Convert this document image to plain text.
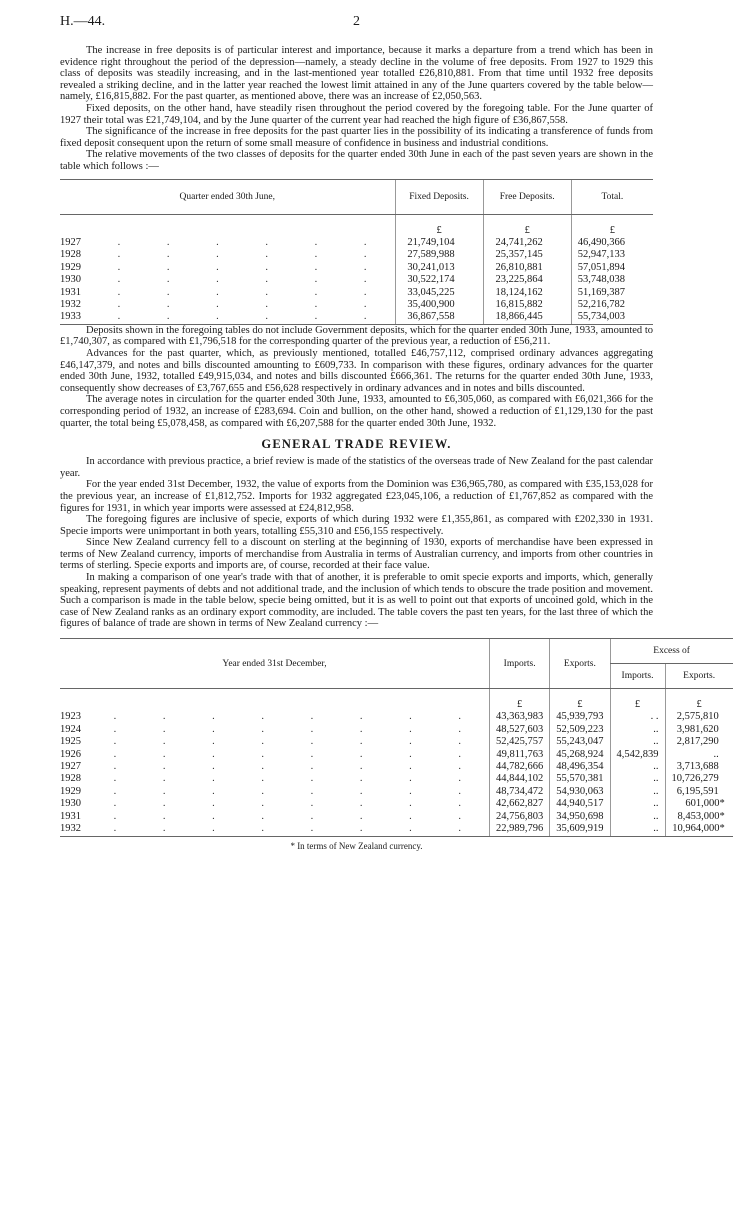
H.—44.	2

The increase in free deposits is of particular interest and importance, because it marks a departure from a trend which has been in evidence right throughout the period of the depression—namely, a steady decline in the volume of free deposits. From 1927 to 1929 this class of deposits was steadily increasing, and in the last-mentioned year totalled £26,810,881. From that time until 1932 free deposits revealed a striking decline, and in the latter year reached the lowest limit attained in any of the June quarters covered by the table below—namely, £16,815,882. For the past quarter, as mentioned above, there was an increase of £2,050,563.

Fixed deposits, on the other hand, have steadily risen throughout the period covered by the foregoing table. For the June quarter of 1927 their total was £21,749,104, and by the June quarter of the current year had reached the high figure of £36,867,558.

The significance of the increase in free deposits for the past quarter lies in the possibility of its indicating a transference of funds from fixed deposit consequent upon the return of some small measure of confidence in business and industrial conditions.

The relative movements of the two classes of deposits for the quarter ended 30th June in each of the past seven years are shown in the table which follows :—

Quarter ended 30th June,	Fixed Deposits.	Free Deposits.	Total.
	£	£	£
1927 . . . . . .	21,749,104	24,741,262	46,490,366
1928 . . . . . .	27,589,988	25,357,145	52,947,133
1929 . . . . . .	30,241,013	26,810,881	57,051,894
1930 . . . . . .	30,522,174	23,225,864	53,748,038
1931 . . . . . .	33,045,225	18,124,162	51,169,387
1932 . . . . . .	35,400,900	16,815,882	52,216,782
1933 . . . . . .	36,867,558	18,866,445	55,734,003

Deposits shown in the foregoing tables do not include Government deposits, which for the quarter ended 30th June, 1933, amounted to £1,740,307, as compared with £1,796,518 for the corresponding quarter of the previous year, a reduction of £56,211.

Advances for the past quarter, which, as previously mentioned, totalled £46,757,112, comprised ordinary advances aggregating £46,147,379, and notes and bills discounted amounting to £609,733. In comparison with these figures, ordinary advances for the quarter ended 30th June, 1932, totalled £49,915,034, and notes and bills discounted £666,361. The returns for the quarter ended 30th June, 1933, consequently show decreases of £3,767,655 and £56,628 respectively in ordinary advances and in notes and bills discounted.

The average notes in circulation for the quarter ended 30th June, 1933, amounted to £6,305,060, as compared with £6,021,366 for the corresponding period of 1932, an increase of £283,694. Coin and bullion, on the other hand, showed a reduction of £1,129,130 for the past quarter, the total being £5,078,458, as compared with £6,207,588 for the quarter ended 30th June, 1932.

GENERAL TRADE REVIEW.

In accordance with previous practice, a brief review is made of the statistics of the overseas trade of New Zealand for the past calendar year.

For the year ended 31st December, 1932, the value of exports from the Dominion was £36,965,780, as compared with £35,153,028 for the previous year, an increase of £1,812,752. Imports for 1932 aggregated £23,045,106, a reduction of £1,767,852 as compared with the figures for 1931, in which year imports were assessed at £24,812,958.

The foregoing figures are inclusive of specie, exports of which during 1932 were £1,355,861, as compared with £202,330 in 1931. Specie imports were unimportant in both years, totalling £55,310 and £56,155 respectively.

Since New Zealand currency fell to a discount on sterling at the beginning of 1930, exports of merchandise have been expressed in terms of New Zealand currency, imports of merchandise from Australia in terms of Australian currency, and imports from other countries in terms of sterling. Specie exports and imports are, of course, recorded at their face value.

In making a comparison of one year's trade with that of another, it is preferable to omit specie exports and imports, which, generally speaking, represent payments of debts and not additional trade, and the inclusion of which tends to obscure the trade position and movement. Such a comparison is made in the table below, specie being omitted, but it is as well to point out that exports of uncoined gold, which in the case of New Zealand ranks as an ordinary export commodity, are included. The table covers the past ten years, for the last three of which the figures of balance of trade are shown in terms of New Zealand currency :—

Year ended 31st December,	Imports.	Exports.	Excess of	
			Imports.	Exports.
	£	£	£	£
1923 . . . . . . . .	43,363,983	45,939,793	. .	2,575,810
1924 . . . . . . . .	48,527,603	52,509,223	..	3,981,620
1925 . . . . . . . .	52,425,757	55,243,047	..	2,817,290
1926 . . . . . . . .	49,811,763	45,268,924	4,542,839	..
1927 . . . . . . . .	44,782,666	48,496,354	..	3,713,688
1928 . . . . . . . .	44,844,102	55,570,381	..	10,726,279
1929 . . . . . . . .	48,734,472	54,930,063	..	6,195,591
1930 . . . . . . . .	42,662,827	44,940,517	..	601,000*
1931 . . . . . . . .	24,756,803	34,950,698	..	8,453,000*
1932 . . . . . . . .	22,989,796	35,609,919	..	10,964,000*
* In terms of New Zealand currency.
